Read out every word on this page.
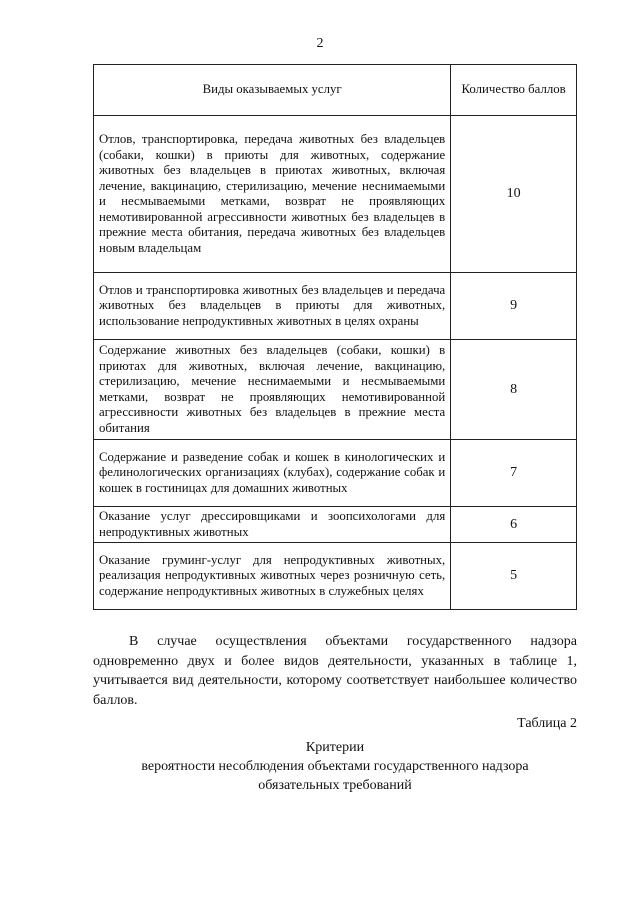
2
Виды оказываемых услуг	Количество баллов
Отлов, транспортировка, передача животных без владельцев (собаки, кошки) в приюты для животных, содержание животных без владельцев в приютах животных, включая лечение, вакцинацию, стерилизацию, мечение неснимаемыми и несмываемыми метками, возврат не проявляющих немотивированной агрессивности животных без владельцев в прежние места обитания, передача животных без владельцев новым владельцам	10
Отлов и транспортировка животных без владельцев и передача животных без владельцев в приюты для животных, использование непродуктивных животных в целях охраны	9
Содержание животных без владельцев (собаки, кошки) в приютах для животных, включая лечение, вакцинацию, стерилизацию, мечение неснимаемыми и несмываемыми метками, возврат не проявляющих немотивированной агрессивности животных без владельцев в прежние места обитания	8
Содержание и разведение собак и кошек в кинологических и фелинологических организациях (клубах), содержание собак и кошек в гостиницах для домашних животных	7
Оказание услуг дрессировщиками и зоопсихологами для непродуктивных животных	6
Оказание груминг-услуг для непродуктивных животных, реализация непродуктивных животных через розничную сеть, содержание непродуктивных животных в служебных целях	5

В случае осуществления объектами государственного надзора одновременно двух и более видов деятельности, указанных в таблице 1, учитывается вид деятельности, которому соответствует наибольшее количество баллов.

Таблица 2
Критерии
вероятности несоблюдения объектами государственного надзора
обязательных требований
